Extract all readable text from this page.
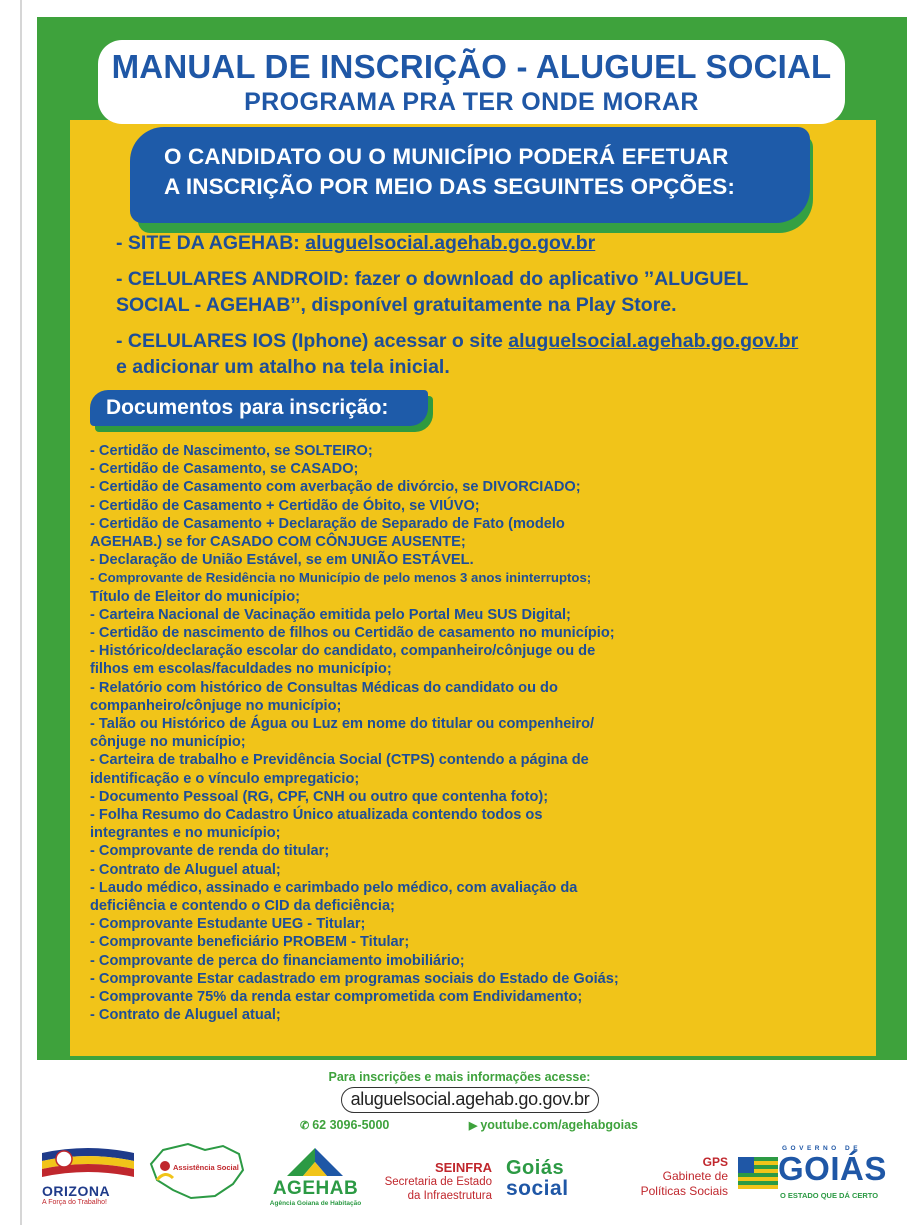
MANUAL DE INSCRIÇÃO - ALUGUEL SOCIAL
PROGRAMA PRA TER ONDE MORAR
O CANDIDATO OU O MUNICÍPIO PODERÁ EFETUAR
A INSCRIÇÃO POR MEIO DAS SEGUINTES OPÇÕES:
- SITE DA AGEHAB: aluguelsocial.agehab.go.gov.br
- CELULARES ANDROID: fazer o download do aplicativo ’’ALUGUEL
SOCIAL - AGEHAB’’, disponível gratuitamente na Play Store.
- CELULARES IOS (Iphone) acessar o site aluguelsocial.agehab.go.gov.br
e adicionar um atalho na tela inicial.
Documentos para inscrição:
- Certidão de Nascimento, se SOLTEIRO;
- Certidão de Casamento, se CASADO;
- Certidão de Casamento com averbação de divórcio, se DIVORCIADO;
- Certidão de Casamento + Certidão de Óbito, se VIÚVO;
- Certidão de Casamento + Declaração de Separado de Fato (modelo
AGEHAB.) se for CASADO COM CÔNJUGE AUSENTE;
- Declaração de União Estável, se em UNIÃO ESTÁVEL.
- Comprovante de Residência no Município de pelo menos 3 anos ininterruptos;
Título de Eleitor do município;
- Carteira Nacional de Vacinação emitida pelo Portal Meu SUS Digital;
- Certidão de nascimento de filhos ou Certidão de casamento no município;
- Histórico/declaração escolar do candidato, companheiro/cônjuge ou de
filhos em escolas/faculdades no município;
- Relatório com histórico de Consultas Médicas do candidato ou do
companheiro/cônjuge no município;
- Talão ou Histórico de Água ou Luz em nome do titular ou compenheiro/
cônjuge no município;
- Carteira de trabalho e Previdência Social (CTPS) contendo a página de
identificação e o vínculo empregaticio;
- Documento Pessoal (RG, CPF, CNH ou outro que contenha foto);
- Folha Resumo do Cadastro Único atualizada contendo todos os
integrantes e no município;
- Comprovante de renda do titular;
- Contrato de Aluguel atual;
- Laudo médico, assinado e carimbado pelo médico, com avaliação da
deficiência e contendo o CID da deficiência;
- Comprovante Estudante UEG - Titular;
- Comprovante beneficiário PROBEM - Titular;
- Comprovante de perca do financiamento imobiliário;
- Comprovante Estar cadastrado em programas sociais do Estado de Goiás;
- Comprovante 75% da renda estar comprometida com Endividamento;
- Contrato de Aluguel atual;
Para inscrições e mais informações acesse:
aluguelsocial.agehab.go.gov.br
✆ 62 3096-5000	▶ youtube.com/agehabgoias
ORIZONA
A Força do Trabalho!
Assistência Social
AGEHAB
Agência Goiana de Habitação
SEINFRA
Secretaria de Estado
da Infraestrutura
Goiás
social
GPS
Gabinete de
Políticas Sociais
GOVERNO DE
GOIÁS
O ESTADO QUE DÁ CERTO
